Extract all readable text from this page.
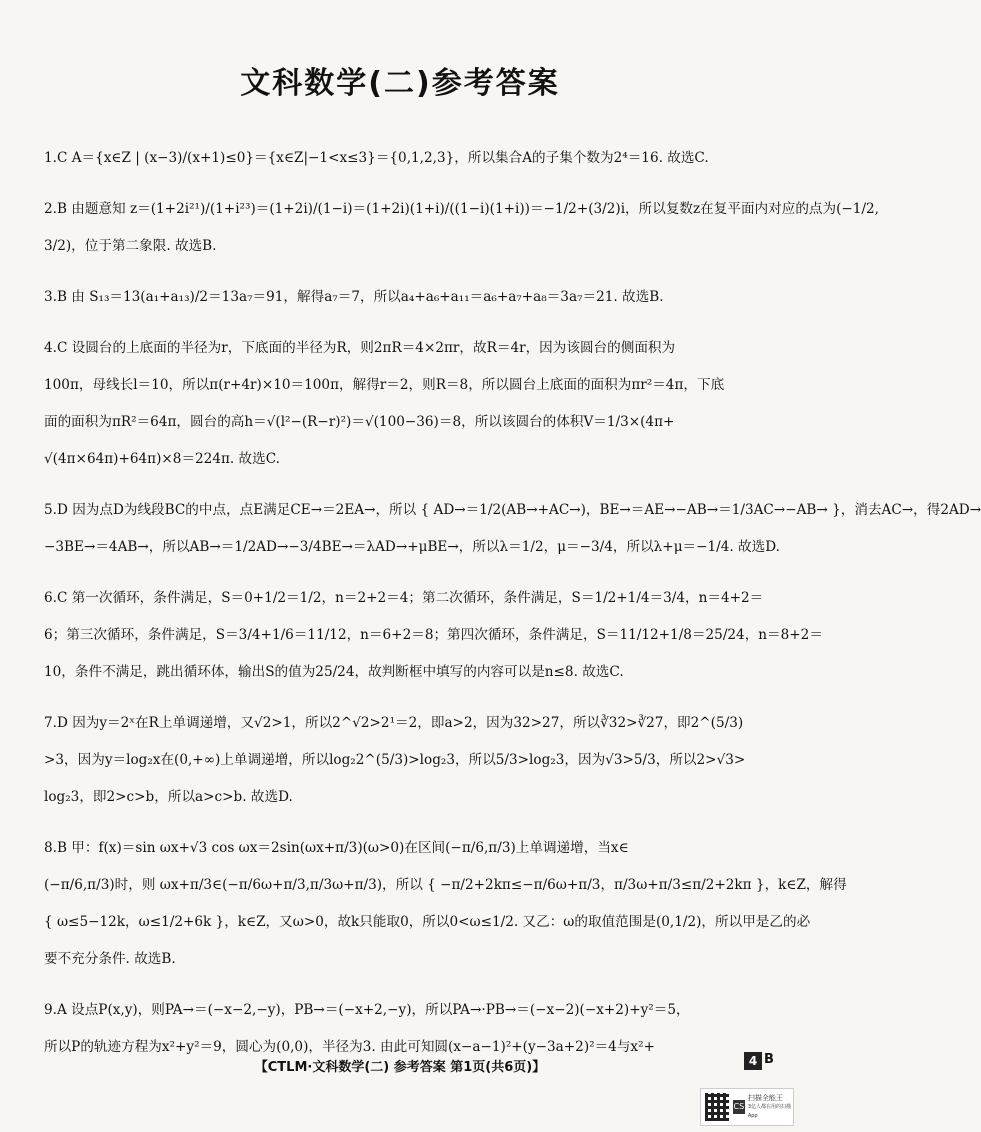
文科数学(二)参考答案
1.C A＝{x∈Z | (x−3)/(x+1)≤0}＝{x∈Z|−1<x≤3}＝{0,1,2,3}，所以集合A的子集个数为2⁴＝16. 故选C.
2.B 由题意知 z＝(1+2i²¹)/(1+i²³)＝(1+2i)/(1−i)＝(1+2i)(1+i)/((1−i)(1+i))＝−1/2+(3/2)i，所以复数z在复平面内对应的点为(−1/2,
3/2)，位于第二象限. 故选B.
3.B 由 S₁₃＝13(a₁+a₁₃)/2＝13a₇＝91，解得a₇＝7，所以a₄+a₆+a₁₁＝a₆+a₇+a₈＝3a₇＝21. 故选B.
4.C 设圆台的上底面的半径为r，下底面的半径为R，则2πR＝4×2πr，故R＝4r，因为该圆台的侧面积为
100π，母线长l＝10，所以π(r+4r)×10＝100π，解得r＝2，则R＝8，所以圆台上底面的面积为πr²＝4π，下底
面的面积为πR²＝64π，圆台的高h＝√(l²−(R−r)²)＝√(100−36)＝8，所以该圆台的体积V＝1/3×(4π+
√(4π×64π)+64π)×8＝224π. 故选C.
5.D 因为点D为线段BC的中点，点E满足CE→＝2EA→，所以 { AD→＝1/2(AB→+AC→)，BE→＝AE→−AB→＝1/3AC→−AB→ }，消去AC→，得2AD→
−3BE→＝4AB→，所以AB→＝1/2AD→−3/4BE→＝λAD→+μBE→，所以λ＝1/2，μ＝−3/4，所以λ+μ＝−1/4. 故选D.
6.C 第一次循环，条件满足，S＝0+1/2＝1/2，n＝2+2＝4；第二次循环，条件满足，S＝1/2+1/4＝3/4，n＝4+2＝
6；第三次循环，条件满足，S＝3/4+1/6＝11/12，n＝6+2＝8；第四次循环，条件满足，S＝11/12+1/8＝25/24，n＝8+2＝
10，条件不满足，跳出循环体，输出S的值为25/24，故判断框中填写的内容可以是n≤8. 故选C.
7.D 因为y＝2ˣ在R上单调递增，又√2>1，所以2^√2>2¹＝2，即a>2，因为32>27，所以∛32>∛27，即2^(5/3)
>3，因为y＝log₂x在(0,+∞)上单调递增，所以log₂2^(5/3)>log₂3，所以5/3>log₂3，因为√3>5/3，所以2>√3>
log₂3，即2>c>b，所以a>c>b. 故选D.
8.B 甲：f(x)＝sin ωx+√3 cos ωx＝2sin(ωx+π/3)(ω>0)在区间(−π/6,π/3)上单调递增，当x∈
(−π/6,π/3)时，则 ωx+π/3∈(−π/6ω+π/3,π/3ω+π/3)，所以 { −π/2+2kπ≤−π/6ω+π/3，π/3ω+π/3≤π/2+2kπ }，k∈Z，解得
{ ω≤5−12k，ω≤1/2+6k }，k∈Z，又ω>0，故k只能取0，所以0<ω≤1/2. 又乙：ω的取值范围是(0,1/2)，所以甲是乙的必
要不充分条件. 故选B.
9.A 设点P(x,y)，则PA→＝(−x−2,−y)，PB→＝(−x+2,−y)，所以PA→·PB→＝(−x−2)(−x+2)+y²＝5，
所以P的轨迹方程为x²+y²＝9，圆心为(0,0)，半径为3. 由此可知圆(x−a−1)²+(y−3a+2)²＝4与x²+
【CTLM·文科数学(二) 参考答案 第1页(共6页)】	4 B
CS
扫描全能王
3亿人都在用的扫描App
